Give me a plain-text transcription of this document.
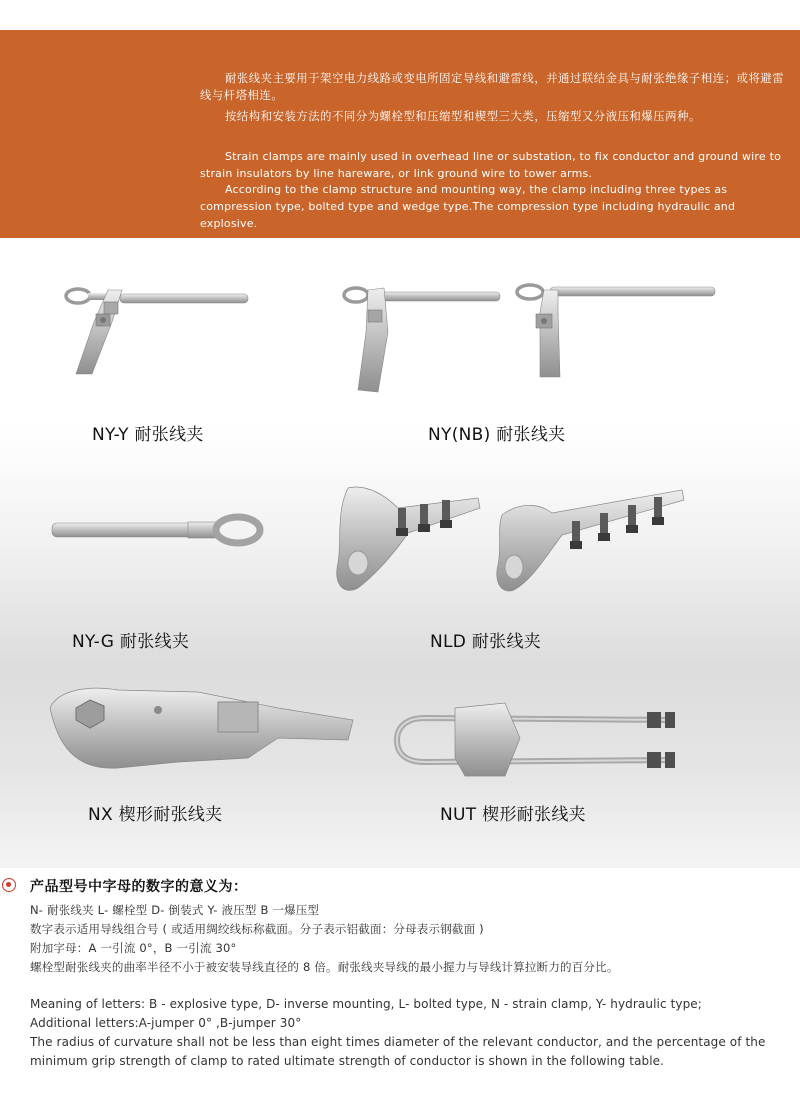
耐张线夹主要用于架空电力线路或变电所固定导线和避雷线，并通过联结金具与耐张绝缘子相连；或将避雷线与杆塔相连。

按结构和安装方法的不同分为螺栓型和压缩型和楔型三大类，压缩型又分液压和爆压两种。

Strain clamps are mainly used in overhead line or substation, to fix conductor and ground wire to strain insulators by line hareware, or link ground wire to tower arms.

According to the clamp structure and mounting way, the clamp including three types as compression type, bolted type and wedge type.The compression type including hydraulic and explosive.

NY-Y 耐张线夹	NY(NB) 耐张线夹
NY-G 耐张线夹	NLD 耐张线夹
NX 楔形耐张线夹	NUT 楔形耐张线夹
产品型号中字母的数字的意义为：
N- 耐张线夹 L- 螺栓型 D- 倒装式 Y- 液压型 B 一爆压型
数字表示适用导线组合号 ( 或适用绸绞线标称截面。分子表示铝截面：分母表示钢截面 )
附加字母：A 一引流 0°，B 一引流 30°
螺栓型耐张线夹的曲率半径不小于被安装导线直径的 8 倍。耐张线夹导线的最小握力与导线计算拉断力的百分比。
Meaning of letters: B - explosive type, D- inverse mounting, L- bolted type, N - strain clamp, Y- hydraulic type;
Additional letters:A-jumper 0° ,B-jumper 30°
The radius of curvature shall not be less than eight times diameter of the relevant conductor, and the percentage of the
minimum grip strength of clamp to rated ultimate strength of conductor is shown in the following table.
